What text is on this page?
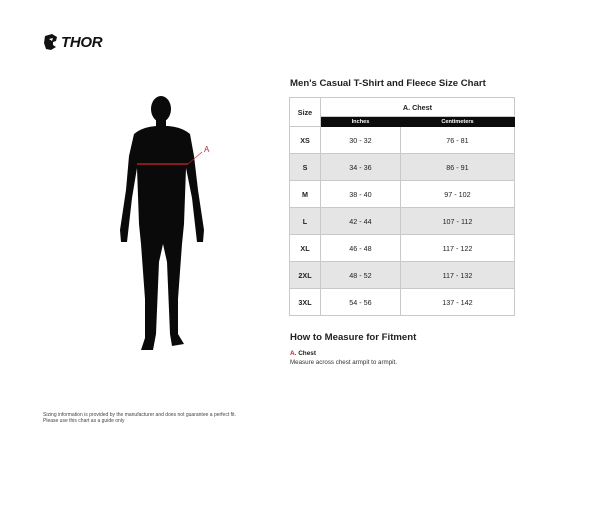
THOR
A
Men's Casual T-Shirt and Fleece Size Chart
Size	A. Chest	
	Inches	Centimeters
XS	30 - 32	76 - 81
S	34 - 36	86 - 91
M	38 - 40	97 - 102
L	42 - 44	107 - 112
XL	46 - 48	117 - 122
2XL	48 - 52	117 - 132
3XL	54 - 56	137 - 142
How to Measure for Fitment
A. Chest
Measure across chest armpit to armpit.
Sizing information is provided by the manufacturer and does not guarantee a perfect fit.
Please use this chart as a guide only
